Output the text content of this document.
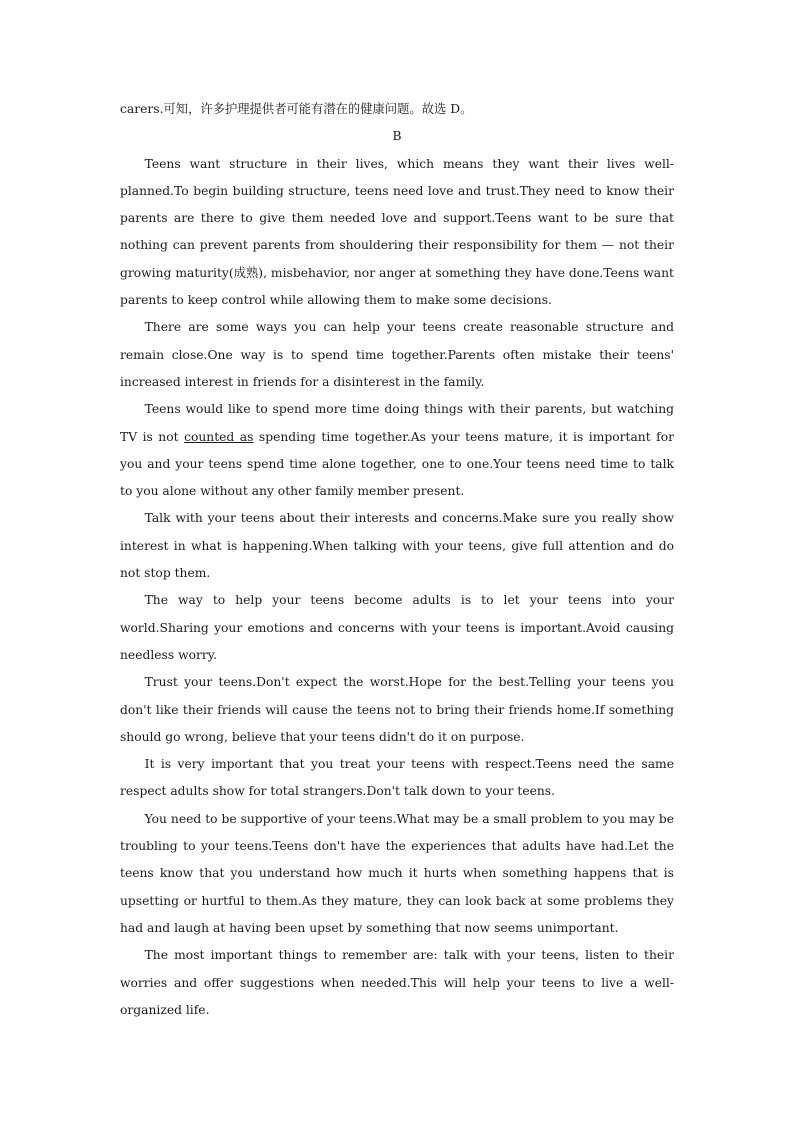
carers.可知，许多护理提供者可能有潜在的健康问题。故选 D。

B

Teens want structure in their lives, which means they want their lives well-planned.To begin building structure, teens need love and trust.They need to know their parents are there to give them needed love and support.Teens want to be sure that nothing can prevent parents from shouldering their responsibility for them — not their growing maturity(成熟), misbehavior, nor anger at something they have done.Teens want parents to keep control while allowing them to make some decisions.

There are some ways you can help your teens create reasonable structure and remain close.One way is to spend time together.Parents often mistake their teens' increased interest in friends for a disinterest in the family.

Teens would like to spend more time doing things with their parents, but watching TV is not counted as spending time together.As your teens mature, it is important for you and your teens spend time alone together, one to one.Your teens need time to talk to you alone without any other family member present.

Talk with your teens about their interests and concerns.Make sure you really show interest in what is happening.When talking with your teens, give full attention and do not stop them.

The way to help your teens become adults is to let your teens into your world.Sharing your emotions and concerns with your teens is important.Avoid causing needless worry.

Trust your teens.Don't expect the worst.Hope for the best.Telling your teens you don't like their friends will cause the teens not to bring their friends home.If something should go wrong, believe that your teens didn't do it on purpose.

It is very important that you treat your teens with respect.Teens need the same respect adults show for total strangers.Don't talk down to your teens.

You need to be supportive of your teens.What may be a small problem to you may be troubling to your teens.Teens don't have the experiences that adults have had.Let the teens know that you understand how much it hurts when something happens that is upsetting or hurtful to them.As they mature, they can look back at some problems they had and laugh at having been upset by something that now seems unimportant.

The most important things to remember are: talk with your teens, listen to their worries and offer suggestions when needed.This will help your teens to live a well-organized life.
